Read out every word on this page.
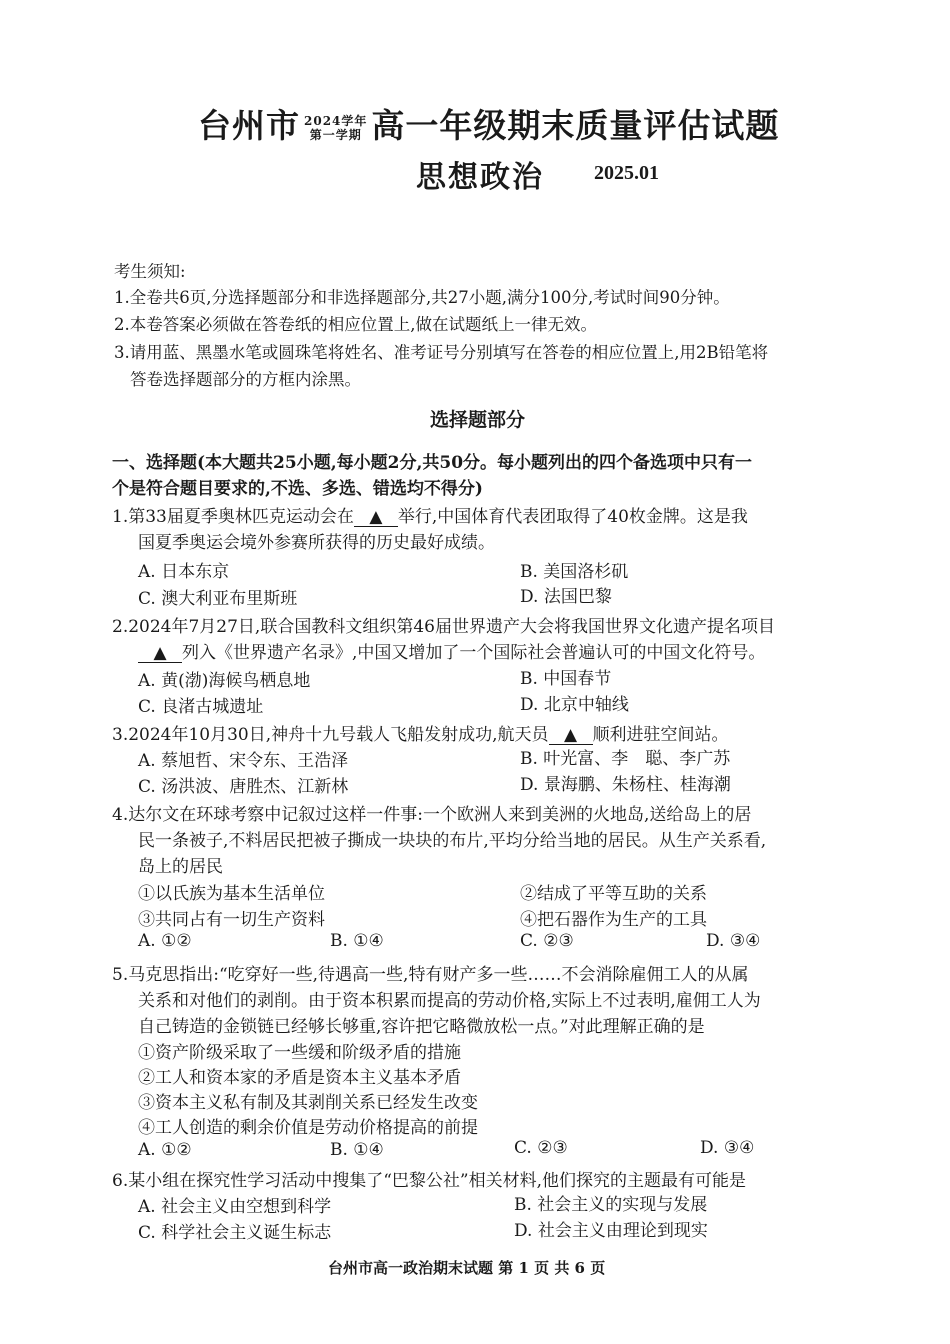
台州市 2024学年
第一学期 高一年级期末质量评估试题
思想政治	2025.01
考生须知:
1.全卷共6页,分选择题部分和非选择题部分,共27小题,满分100分,考试时间90分钟。
2.本卷答案必须做在答卷纸的相应位置上,做在试题纸上一律无效。
3.请用蓝、黑墨水笔或圆珠笔将姓名、准考证号分别填写在答卷的相应位置上,用2B铅笔将
答卷选择题部分的方框内涂黑。
选择题部分
一、选择题(本大题共25小题,每小题2分,共50分。每小题列出的四个备选项中只有一
个是符合题目要求的,不选、多选、错选均不得分)
1.第33届夏季奥林匹克运动会在 ▲ 举行,中国体育代表团取得了40枚金牌。这是我
国夏季奥运会境外参赛所获得的历史最好成绩。
A. 日本东京	B. 美国洛杉矶
C. 澳大利亚布里斯班	D. 法国巴黎
2.2024年7月27日,联合国教科文组织第46届世界遗产大会将我国世界文化遗产提名项目
▲ 列入《世界遗产名录》,中国又增加了一个国际社会普遍认可的中国文化符号。
A. 黄(渤)海候鸟栖息地	B. 中国春节
C. 良渚古城遗址	D. 北京中轴线
3.2024年10月30日,神舟十九号载人飞船发射成功,航天员 ▲ 顺利进驻空间站。
A. 蔡旭哲、宋令东、王浩泽	B. 叶光富、李　聪、李广苏
C. 汤洪波、唐胜杰、江新林	D. 景海鹏、朱杨柱、桂海潮
4.达尔文在环球考察中记叙过这样一件事:一个欧洲人来到美洲的火地岛,送给岛上的居
民一条被子,不料居民把被子撕成一块块的布片,平均分给当地的居民。从生产关系看,
岛上的居民
①以氏族为基本生活单位	②结成了平等互助的关系
③共同占有一切生产资料	④把石器作为生产的工具
A. ①②	B. ①④	C. ②③	D. ③④
5.马克思指出:“吃穿好一些,待遇高一些,特有财产多一些……不会消除雇佣工人的从属
关系和对他们的剥削。由于资本积累而提高的劳动价格,实际上不过表明,雇佣工人为
自己铸造的金锁链已经够长够重,容许把它略微放松一点。”对此理解正确的是
①资产阶级采取了一些缓和阶级矛盾的措施
②工人和资本家的矛盾是资本主义基本矛盾
③资本主义私有制及其剥削关系已经发生改变
④工人创造的剩余价值是劳动价格提高的前提
A. ①②	B. ①④	C. ②③	D. ③④
6.某小组在探究性学习活动中搜集了“巴黎公社”相关材料,他们探究的主题最有可能是
A. 社会主义由空想到科学	B. 社会主义的实现与发展
C. 科学社会主义诞生标志	D. 社会主义由理论到现实
台州市高一政治期末试题 第 1 页 共 6 页
